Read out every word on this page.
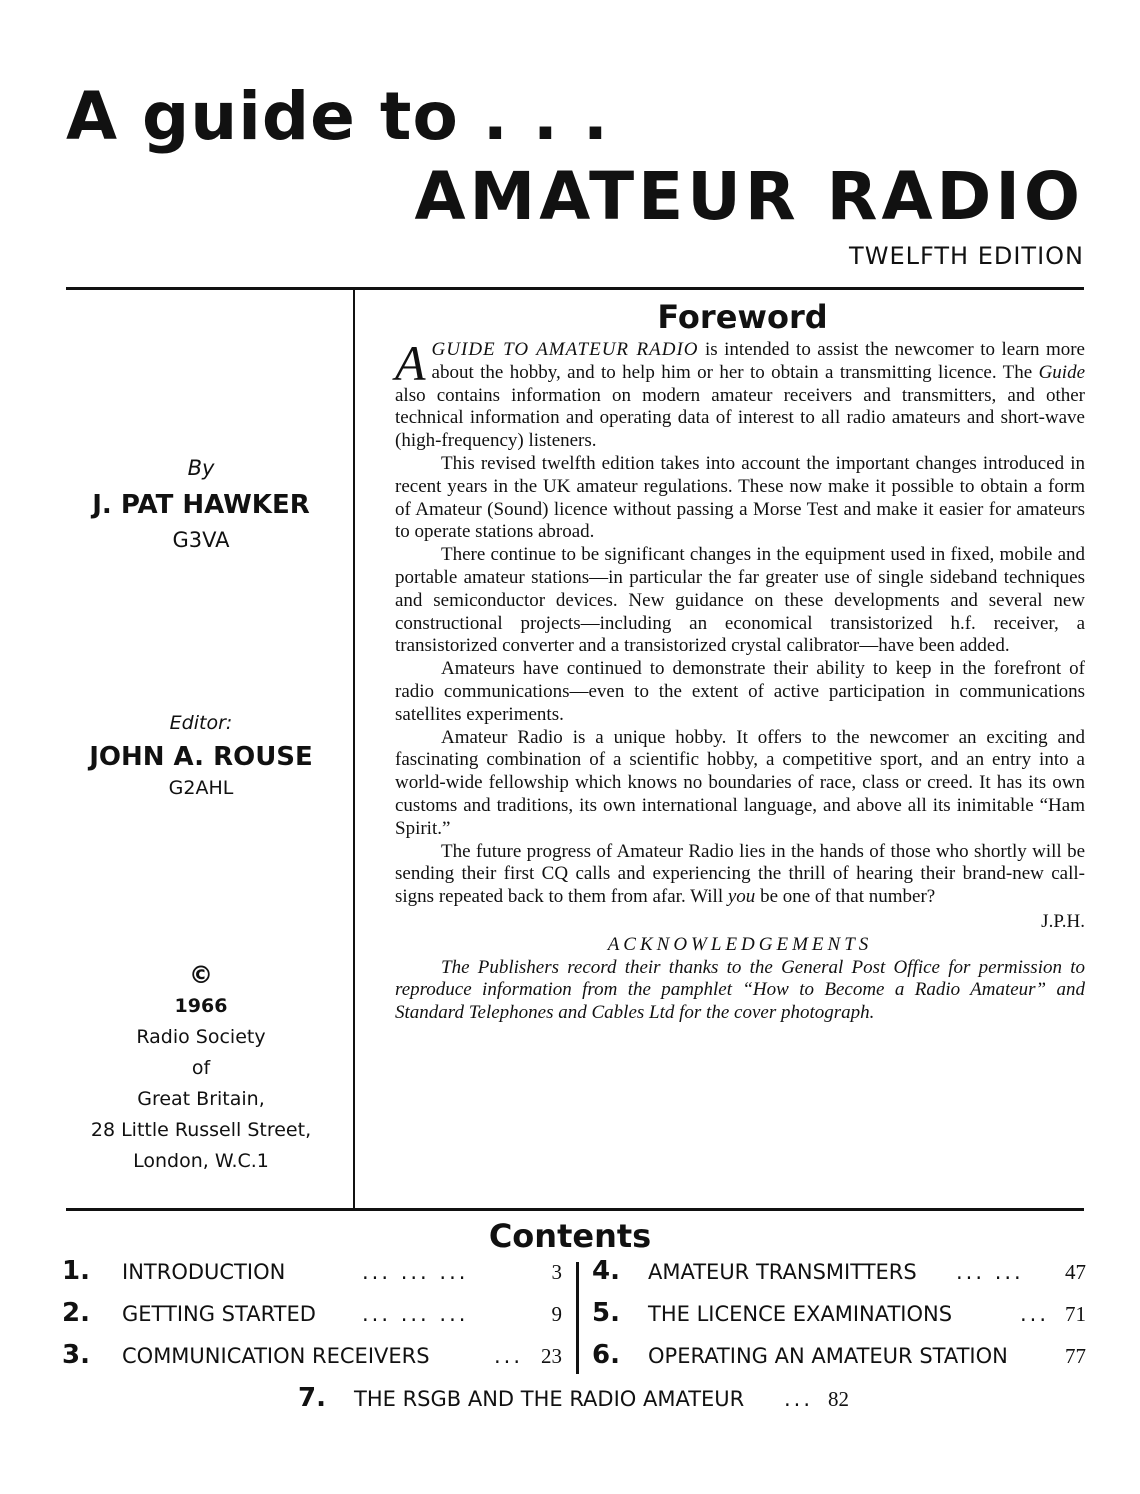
A guide to . . .
AMATEUR RADIO
TWELFTH EDITION
By
J. PAT HAWKER
G3VA
Editor:
JOHN A. ROUSE
G2AHL
©
1966
Radio Society
of
Great Britain,
28 Little Russell Street,
London, W.C.1
Foreword

AGUIDE TO AMATEUR RADIO is intended to assist the newcomer to learn more about the hobby, and to help him or her to obtain a transmitting licence. The Guide also contains information on modern amateur receivers and transmitters, and other technical information and operating data of interest to all radio amateurs and short-wave (high-frequency) listeners.

This revised twelfth edition takes into account the important changes introduced in recent years in the UK amateur regulations. These now make it possible to obtain a form of Amateur (Sound) licence without passing a Morse Test and make it easier for amateurs to operate stations abroad.

There continue to be significant changes in the equipment used in fixed, mobile and portable amateur stations—in particular the far greater use of single sideband techniques and semiconductor devices. New guidance on these developments and several new constructional projects—including an economical transistorized h.f. receiver, a transistorized converter and a transistorized crystal calibrator—have been added.

Amateurs have continued to demonstrate their ability to keep in the forefront of radio communications—even to the extent of active participation in communications satellites experiments.

Amateur Radio is a unique hobby. It offers to the newcomer an exciting and fascinating combination of a scientific hobby, a competitive sport, and an entry into a world-wide fellowship which knows no boundaries of race, class or creed. It has its own customs and traditions, its own international language, and above all its inimitable “Ham Spirit.”

The future progress of Amateur Radio lies in the hands of those who shortly will be sending their first CQ calls and experiencing the thrill of hearing their brand-new call-signs repeated back to them from afar. Will you be one of that number?

J.P.H.
ACKNOWLEDGEMENTS

The Publishers record their thanks to the General Post Office for permission to reproduce information from the pamphlet “How to Become a Radio Amateur” and Standard Telephones and Cables Ltd for the cover photograph.

Contents
1. INTRODUCTION	... ... ...	3
2. GETTING STARTED ... ... ...	9
3. COMMUNICATION RECEIVERS	... 23
4. AMATEUR TRANSMITTERS ... ... 47
5. THE LICENCE EXAMINATIONS	... 71
6. OPERATING AN AMATEUR STATION	77
7. THE RSGB AND THE RADIO AMATEUR ... 82
